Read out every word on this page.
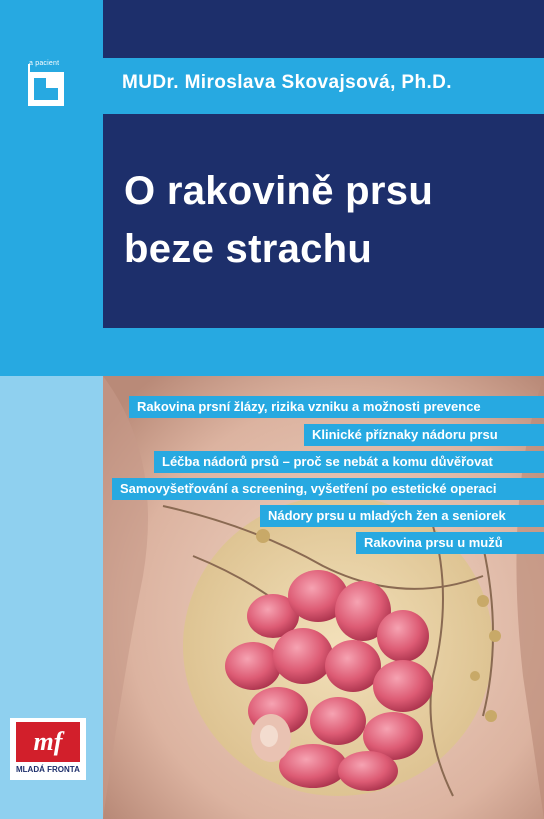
a pacient
MUDr. Miroslava Skovajsová, Ph.D.
O rakovině prsu
beze strachu
Rakovina prsní žlázy, rizika vzniku a možnosti prevence
Klinické příznaky nádoru prsu
Léčba nádorů prsů – proč se nebát a komu důvěřovat
Samovyšetřování a screening, vyšetření po estetické operaci
Nádory prsu u mladých žen a seniorek
Rakovina prsu u mužů
mf
MLADÁ FRONTA
